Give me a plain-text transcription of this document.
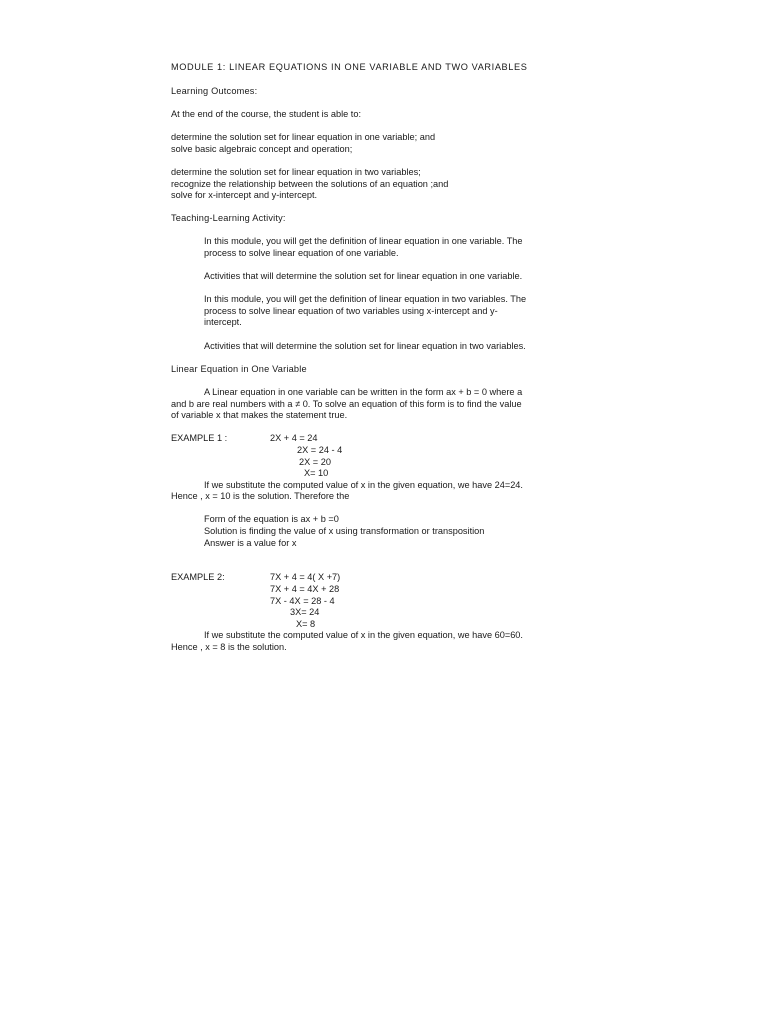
MODULE 1: LINEAR EQUATIONS IN ONE VARIABLE AND TWO VARIABLES

Learning Outcomes:

At the end of the course, the student is able to:

determine the solution set for linear equation in one variable; and

solve basic algebraic concept and operation;

determine the solution set for linear equation in two variables;

recognize the relationship between the solutions of an equation ;and

solve for x-intercept and y-intercept.

Teaching-Learning Activity:

In this module, you will get the definition of linear equation in one variable. The

process to solve linear equation of one variable.

Activities that will determine the solution set for linear equation in one variable.

In this module, you will get the definition of linear equation in two variables. The

process to solve linear equation of two variables using x-intercept and y-

intercept.

Activities that will determine the solution set for linear equation in two variables.

Linear Equation in One Variable

A Linear equation in one variable can be written in the form ax + b = 0 where a

and b are real numbers with a ≠ 0. To solve an equation of this form is to find the value

of variable x that makes the statement true.

EXAMPLE 1 :	2X + 4 = 24

2X = 24 - 4

2X = 20

X= 10

If we substitute the computed value of x in the given equation, we have 24=24.

Hence , x = 10 is the solution. Therefore the

Form of the equation is ax + b =0

Solution is finding the value of x using transformation or transposition

Answer is a value for x

EXAMPLE 2:	7X + 4 = 4( X +7)

7X + 4 = 4X + 28

7X - 4X = 28 - 4

3X= 24

X= 8

If we substitute the computed value of x in the given equation, we have 60=60.

Hence , x = 8 is the solution.
